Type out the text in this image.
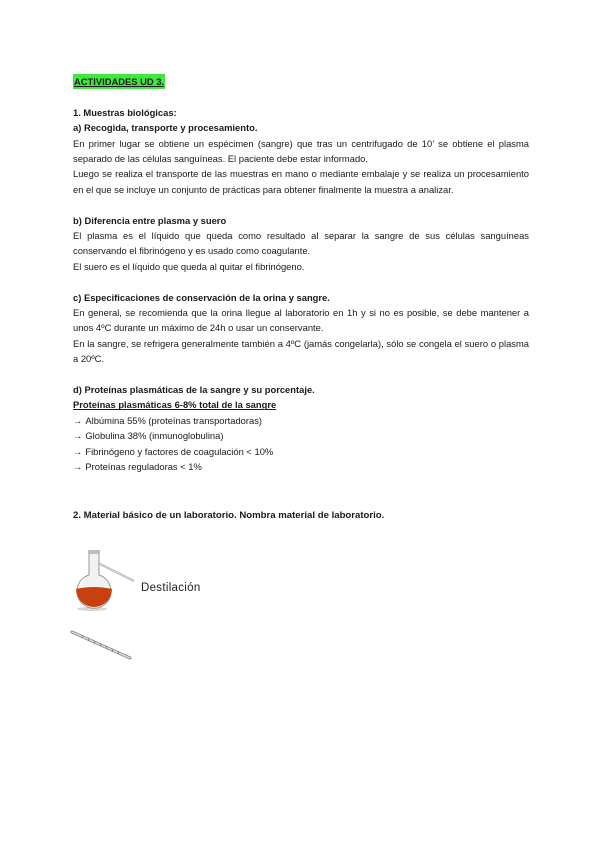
ACTIVIDADES UD 3.
1. Muestras biológicas:
a) Recogida, transporte y procesamiento.
En primer lugar se obtiene un espécimen (sangre) que tras un centrifugado de 10’ se obtiene el plasma separado de las células sanguíneas. El paciente debe estar informado.
Luego se realiza el transporte de las muestras en mano o mediante embalaje y se realiza un procesamiento en el que se incluye un conjunto de prácticas para obtener finalmente la muestra a analizar.
b) Diferencia entre plasma y suero
El plasma es el líquido que queda como resultado al separar la sangre de sus células sanguíneas conservando el fibrinógeno y es usado como coagulante.
El suero es el líquido que queda al quitar el fibrinógeno.
c) Especificaciones de conservación de la orina y sangre.
En general, se recomienda que la orina llegue al laboratorio en 1h y si no es posible, se debe mantener a unos 4ºC durante un máximo de 24h o usar un conservante.
En la sangre, se refrigera generalmente también a 4ºC (jamás congelarla), sólo se congela el suero o plasma a 20ºC.
d) Proteínas plasmáticas de la sangre y su porcentaje.
Proteínas plasmáticas 6-8% total de la sangre
→ Albúmina 55% (proteínas transportadoras)
→ Globulina 38% (inmunoglobulina)
→ Fibrinógeno y factores de coagulación < 10%
→ Proteínas reguladoras < 1%
2. Material básico de un laboratorio. Nombra material de laboratorio.
Destilación
